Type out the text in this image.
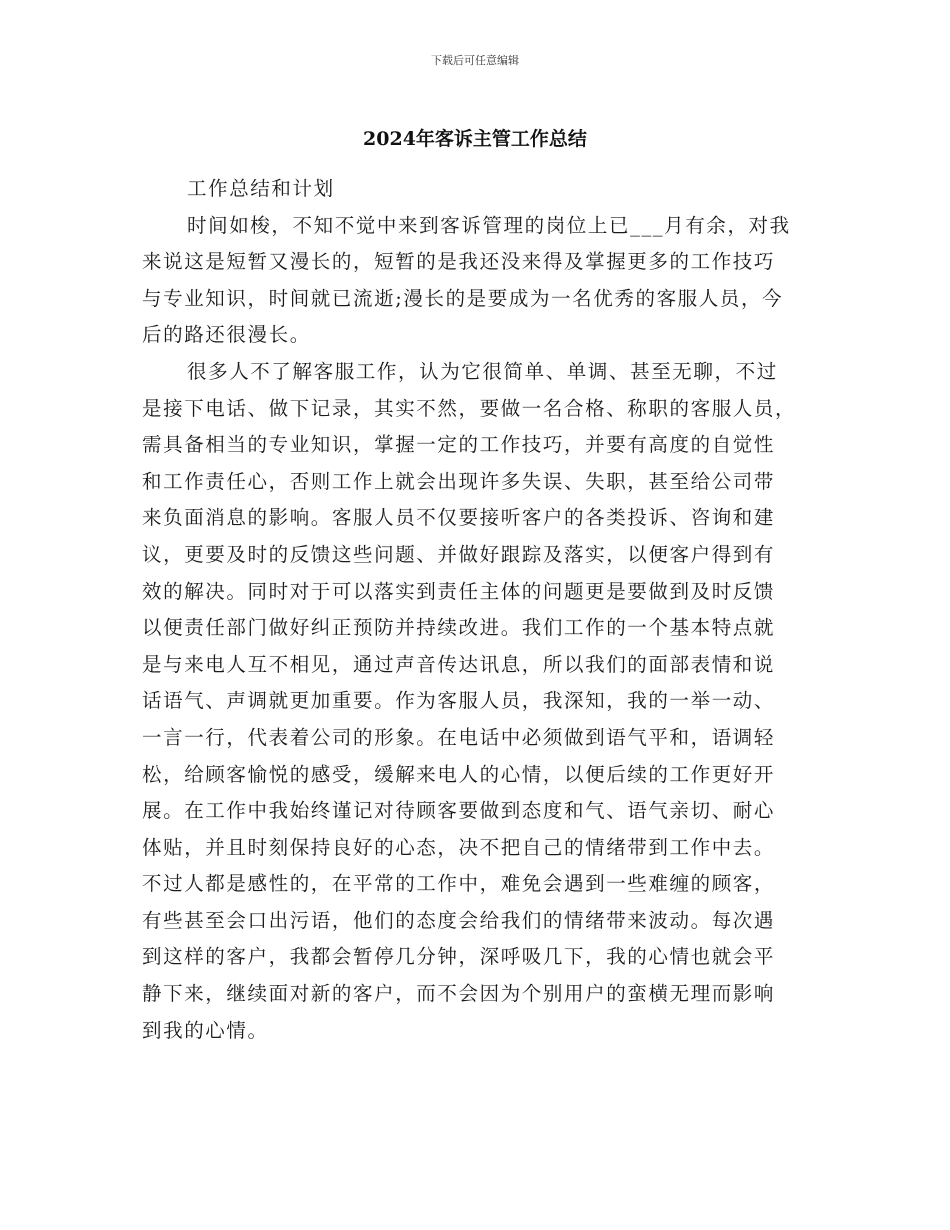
下载后可任意编辑
2024年客诉主管工作总结
工作总结和计划
时间如梭，不知不觉中来到客诉管理的岗位上已___月有余，对我
来说这是短暂又漫长的，短暂的是我还没来得及掌握更多的工作技巧
与专业知识，时间就已流逝;漫长的是要成为一名优秀的客服人员，今
后的路还很漫长。
很多人不了解客服工作，认为它很简单、单调、甚至无聊，不过
是接下电话、做下记录，其实不然，要做一名合格、称职的客服人员，
需具备相当的专业知识，掌握一定的工作技巧，并要有高度的自觉性
和工作责任心，否则工作上就会出现许多失误、失职，甚至给公司带
来负面消息的影响。客服人员不仅要接听客户的各类投诉、咨询和建
议，更要及时的反馈这些问题、并做好跟踪及落实，以便客户得到有
效的解决。同时对于可以落实到责任主体的问题更是要做到及时反馈
以便责任部门做好纠正预防并持续改进。我们工作的一个基本特点就
是与来电人互不相见，通过声音传达讯息，所以我们的面部表情和说
话语气、声调就更加重要。作为客服人员，我深知，我的一举一动、
一言一行，代表着公司的形象。在电话中必须做到语气平和，语调轻
松，给顾客愉悦的感受，缓解来电人的心情，以便后续的工作更好开
展。在工作中我始终谨记对待顾客要做到态度和气、语气亲切、耐心
体贴，并且时刻保持良好的心态，决不把自己的情绪带到工作中去。
不过人都是感性的，在平常的工作中，难免会遇到一些难缠的顾客，
有些甚至会口出污语，他们的态度会给我们的情绪带来波动。每次遇
到这样的客户，我都会暂停几分钟，深呼吸几下，我的心情也就会平
静下来，继续面对新的客户，而不会因为个别用户的蛮横无理而影响
到我的心情。
